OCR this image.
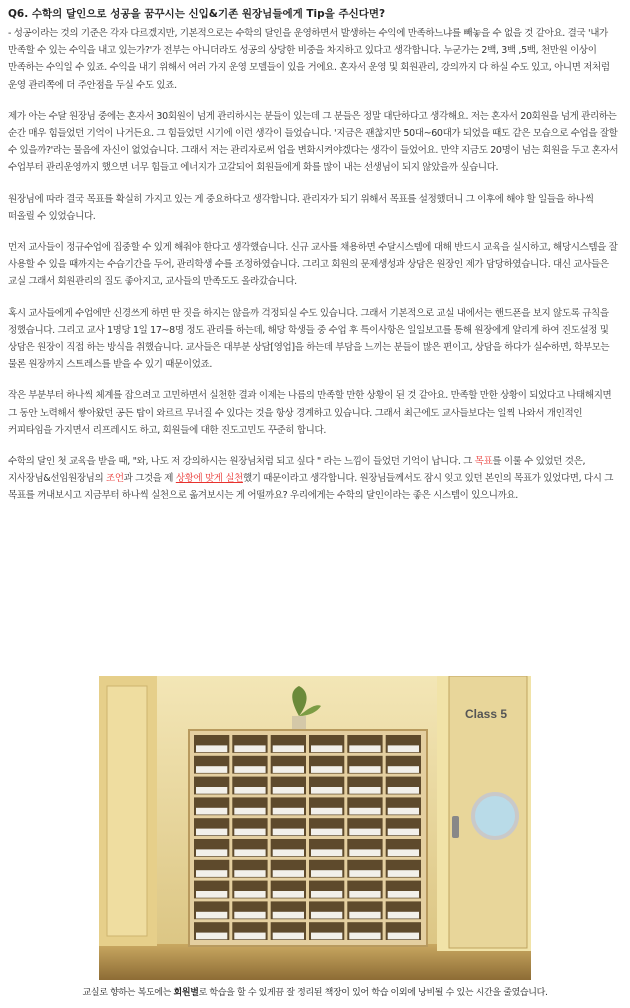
Q6. 수학의 달인으로 성공을 꿈꾸시는 신입&기존 원장님들에게 Tip을 주신다면?

- 성공이라는 것의 기준은 각자 다르겠지만, 기본적으로는 수학의 달인을 운영하면서 발생하는 수익에 만족하느냐를 빼놓을 수 없을 것 같아요. 결국 '내가 만족할 수 있는 수익을 내고 있는가?'가 전부는 아니더라도 성공의 상당한 비중을 차지하고 있다고 생각합니다. 누군가는 2백, 3백 ,5백, 천만원 이상이 만족하는 수익일 수 있죠. 수익을 내기 위해서 여러 가지 운영 모델들이 있을 거에요. 혼자서 운영 및 회원관리, 강의까지 다 하실 수도 있고, 아니면 저처럼 운영 관리쪽에 더 주안점을 두실 수도 있죠.

제가 아는 수달 원장님 중에는 혼자서 30회원이 넘게 관리하시는 분들이 있는데 그 분들은 정말 대단하다고 생각해요. 저는 혼자서 20회원을 넘게 관리하는 순간 매우 힘들었던 기억이 나거든요. 그 힘들었던 시기에 이런 생각이 들었습니다. '지금은 괜찮지만 50대~60대가 되었을 때도 같은 모습으로 수업을 잘할 수 있을까?'라는 물음에 자신이 없었습니다. 그래서 저는 관리자로써 업을 변화시켜야겠다는 생각이 들었어요. 만약 지금도 20명이 넘는 회원을 두고 혼자서 수업부터 관리운영까지 했으면 너무 힘들고 에너지가 고갈되어 회원들에게 화를 많이 내는 선생님이 되지 않았을까 싶습니다.

원장님에 따라 결국 목표를 확실히 가지고 있는 게 중요하다고 생각합니다. 관리자가 되기 위해서 목표를 설정했더니 그 이후에 해야 할 일들을 하나씩 떠올릴 수 있었습니다.

먼저 교사들이 정규수업에 집중할 수 있게 해줘야 한다고 생각했습니다. 신규 교사를 채용하면 수달시스템에 대해 반드시 교육을 실시하고, 해당시스템을 잘 사용할 수 있을 때까지는 수습기간을 두어, 관리학생 수를 조정하였습니다. 그리고 회원의 문제생성과 상담은 원장인 제가 담당하였습니다. 대신 교사들은 교실 그래서 회원관리의 질도 좋아지고, 교사들의 만족도도 올라갔습니다.

혹시 교사들에게 수업에만 신경쓰게 하면 딴 짓을 하지는 않을까 걱정되실 수도 있습니다. 그래서 기본적으로 교실 내에서는 핸드폰을 보지 않도록 규칙을 정했습니다. 그리고 교사 1명당 1일 17~8명 정도 관리를 하는데, 해당 학생들 중 수업 후 특이사항은 일일보고를 통해 원장에게 알리게 하여 진도설정 및 상담은 원장이 직접 하는 방식을 취했습니다. 교사들은 대부분 상담[영업]을 하는데 부담을 느끼는 분들이 많은 편이고, 상담을 하다가 실수하면, 학부모는 물론 원장까지 스트레스를 받을 수 있기 때문이었죠.

작은 부분부터 하나씩 체계를 잡으려고 고민하면서 실천한 결과 이제는 나름의 만족할 만한 상황이 된 것 같아요. 만족할 만한 상황이 되었다고 나태해지면 그 동안 노력해서 쌓아왔던 공든 탑이 와르르 무너질 수 있다는 것을 항상 경계하고 있습니다. 그래서 최근에도 교사들보다는 일찍 나와서 개인적인 커피타임을 가지면서 리프레시도 하고, 회원들에 대한 진도고민도 꾸준히 합니다.

수학의 달인 첫 교육을 받을 때, "와, 나도 저 강의하시는 원장님처럼 되고 싶다 " 라는 느낌이 들었던 기억이 납니다. 그 목표를 이룰 수 있었던 것은, 지사장님&선임원장님의 조언과 그것을 제 상황에 맞게 실천했기 때문이라고 생각합니다. 원장님들께서도 잠시 잊고 있던 본인의 목표가 있었다면, 다시 그 목표를 꺼내보시고 지금부터 하나씩 실천으로 옮겨보시는 게 어떨까요? 우리에게는 수학의 달인이라는 좋은 시스템이 있으니까요.

Class 5
교실로 향하는 복도에는 회원별로 학습을 할 수 있게끔 잘 정리된 책장이 있어 학습 이외에 낭비될 수 있는 시간을 줄였습니다.
